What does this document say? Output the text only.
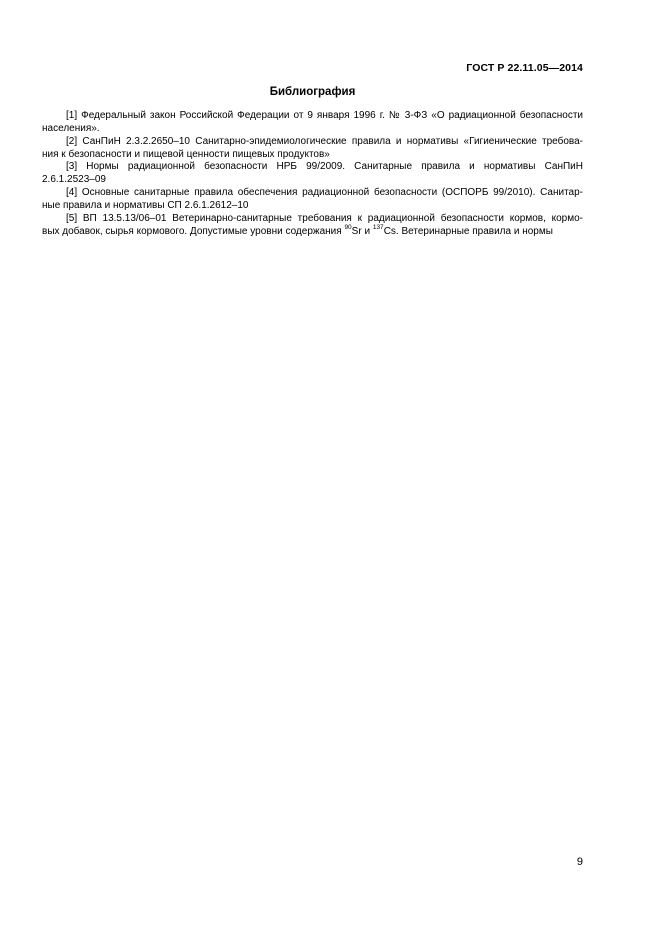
ГОСТ Р 22.11.05—2014
Библиография
[1] Федеральный закон Российской Федерации от 9 января 1996 г. № 3-ФЗ «О радиационной безопасности
населения».
[2] СанПиН 2.3.2.2650–10 Санитарно-эпидемиологические правила и нормативы «Гигиенические требова-
ния к безопасности и пищевой ценности пищевых продуктов»
[3] Нормы радиационной безопасности НРБ 99/2009. Санитарные правила и нормативы СанПиН
2.6.1.2523–09
[4] Основные санитарные правила обеспечения радиационной безопасности (ОСПОРБ 99/2010). Санитар-
ные правила и нормативы СП 2.6.1.2612–10
[5] ВП 13.5.13/06–01 Ветеринарно-санитарные требования к радиационной безопасности кормов, кормо-
вых добавок, сырья кормового. Допустимые уровни содержания $^{90}$Sr и $^{137}$Cs. Ветеринарные правила и нормы
9
